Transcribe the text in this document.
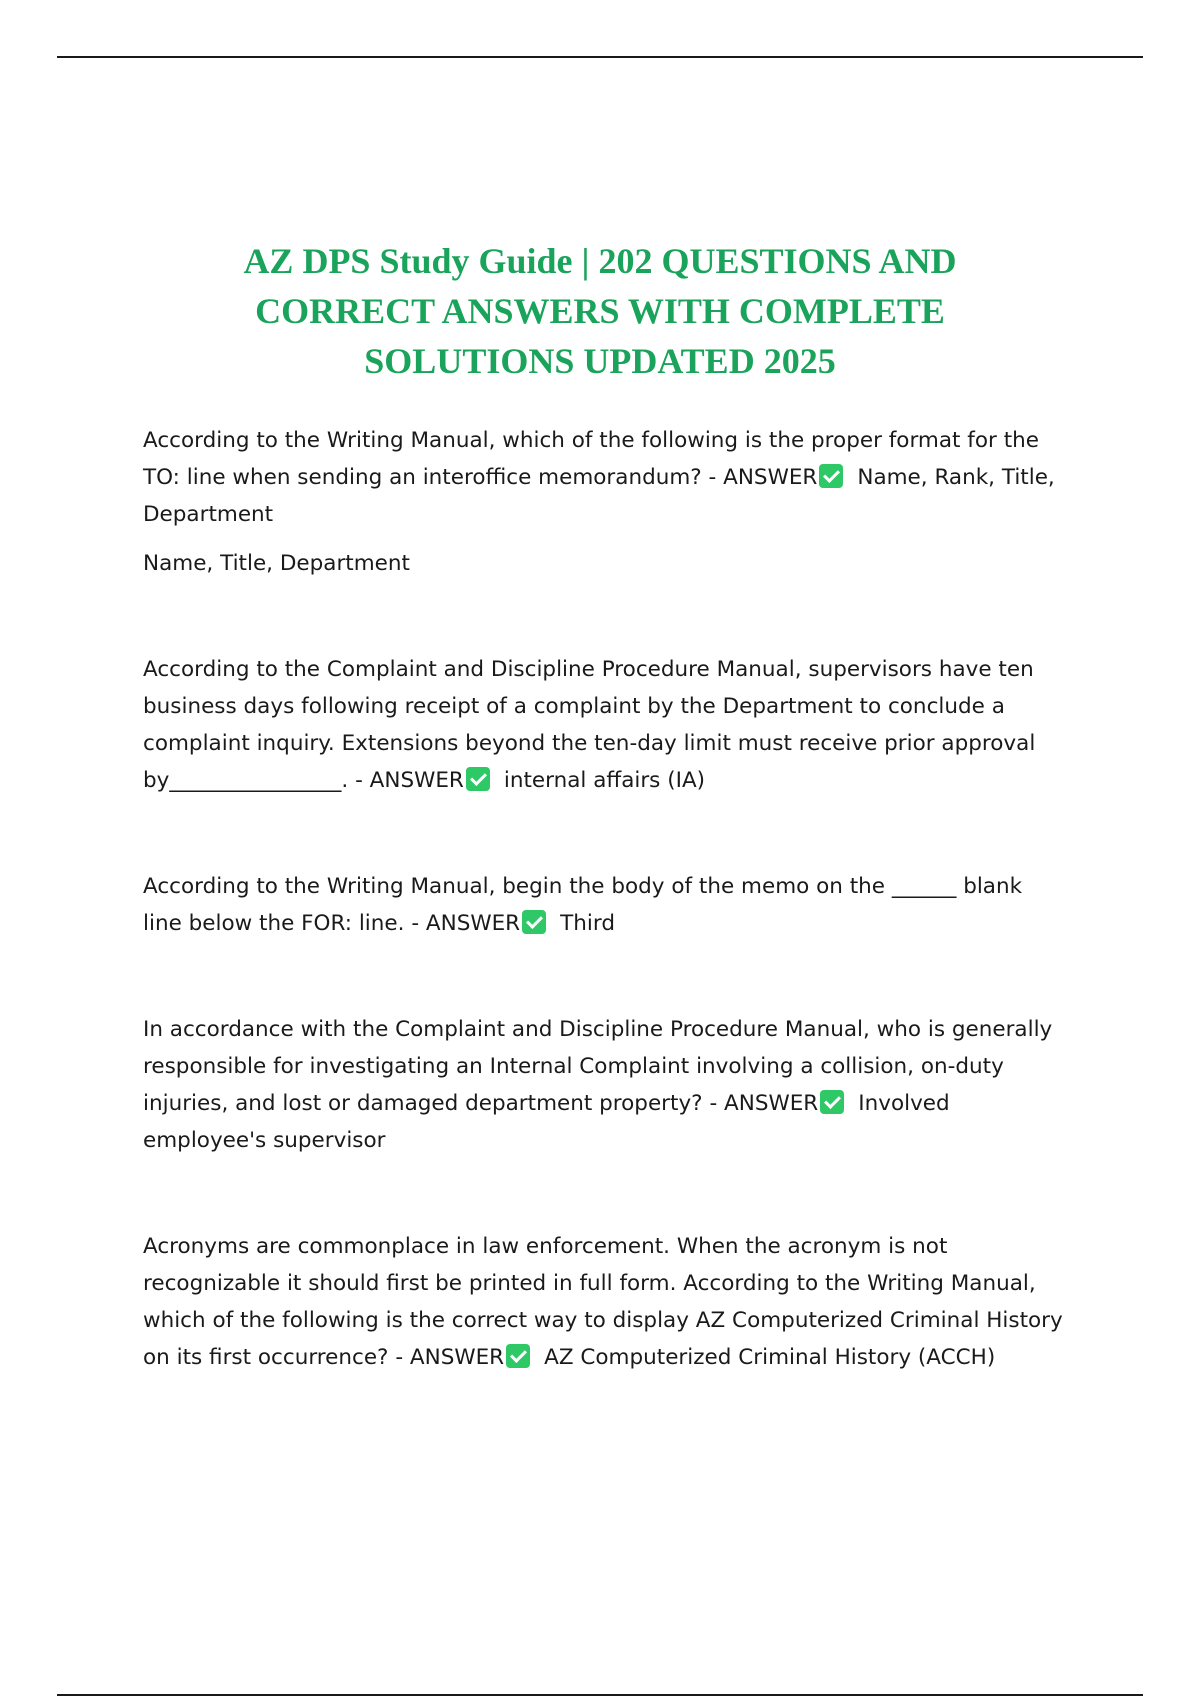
AZ DPS Study Guide | 202 QUESTIONS AND
CORRECT ANSWERS WITH COMPLETE
SOLUTIONS UPDATED 2025

According to the Writing Manual, which of the following is the proper format for the TO: line when sending an interoffice memorandum? - ANSWER Name, Rank, Title, Department

Name, Title, Department

According to the Complaint and Discipline Procedure Manual, supervisors have ten business days following receipt of a complaint by the Department to conclude a complaint inquiry. Extensions beyond the ten-day limit must receive prior approval by________________. - ANSWER internal affairs (IA)

According to the Writing Manual, begin the body of the memo on the ______ blank line below the FOR: line. - ANSWER Third

In accordance with the Complaint and Discipline Procedure Manual, who is generally responsible for investigating an Internal Complaint involving a collision, on-duty injuries, and lost or damaged department property? - ANSWER Involved employee's supervisor

Acronyms are commonplace in law enforcement. When the acronym is not recognizable it should first be printed in full form. According to the Writing Manual, which of the following is the correct way to display AZ Computerized Criminal History on its first occurrence? - ANSWER AZ Computerized Criminal History (ACCH)
